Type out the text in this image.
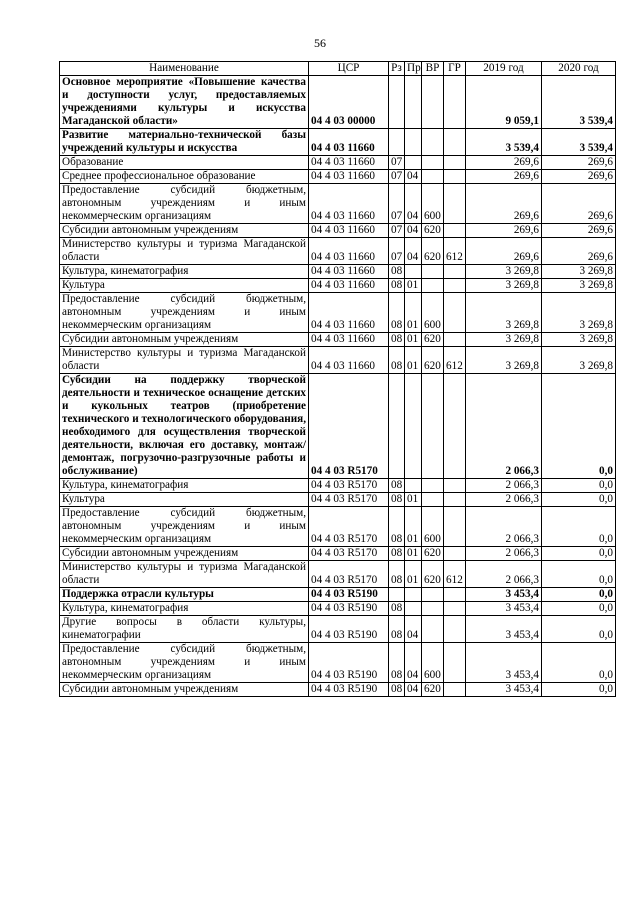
56
Наименование	ЦСР	Рз	Пр	ВР	ГР	2019 год	2020 год
Основное мероприятие «Повышение качества и доступности услуг, предоставляемых учреждениями культуры и искусства Магаданской области»	04 4 03 00000					9 059,1	3 539,4
Развитие материально-технической базы учреждений культуры и искусства	04 4 03 11660					3 539,4	3 539,4
Образование	04 4 03 11660	07				269,6	269,6
Среднее профессиональное образование	04 4 03 11660	07	04			269,6	269,6
Предоставление субсидий бюджетным, автономным учреждениям и иным некоммерческим организациям	04 4 03 11660	07	04	600		269,6	269,6
Субсидии автономным учреждениям	04 4 03 11660	07	04	620		269,6	269,6
Министерство культуры и туризма Магаданской области	04 4 03 11660	07	04	620	612	269,6	269,6
Культура, кинематография	04 4 03 11660	08				3 269,8	3 269,8
Культура	04 4 03 11660	08	01			3 269,8	3 269,8
Предоставление субсидий бюджетным, автономным учреждениям и иным некоммерческим организациям	04 4 03 11660	08	01	600		3 269,8	3 269,8
Субсидии автономным учреждениям	04 4 03 11660	08	01	620		3 269,8	3 269,8
Министерство культуры и туризма Магаданской области	04 4 03 11660	08	01	620	612	3 269,8	3 269,8
Субсидии на поддержку творческой деятельности и техническое оснащение детских и кукольных театров (приобретение технического и технологического оборудования, необходимого для осуществления творческой деятельности, включая его доставку, монтаж/демонтаж, погрузочно-разгрузочные работы и обслуживание)	04 4 03 R5170					2 066,3	0,0
Культура, кинематография	04 4 03 R5170	08				2 066,3	0,0
Культура	04 4 03 R5170	08	01			2 066,3	0,0
Предоставление субсидий бюджетным, автономным учреждениям и иным некоммерческим организациям	04 4 03 R5170	08	01	600		2 066,3	0,0
Субсидии автономным учреждениям	04 4 03 R5170	08	01	620		2 066,3	0,0
Министерство культуры и туризма Магаданской области	04 4 03 R5170	08	01	620	612	2 066,3	0,0
Поддержка отрасли культуры	04 4 03 R5190					3 453,4	0,0
Культура, кинематография	04 4 03 R5190	08				3 453,4	0,0
Другие вопросы в области культуры, кинематографии	04 4 03 R5190	08	04			3 453,4	0,0
Предоставление субсидий бюджетным, автономным учреждениям и иным некоммерческим организациям	04 4 03 R5190	08	04	600		3 453,4	0,0
Субсидии автономным учреждениям	04 4 03 R5190	08	04	620		3 453,4	0,0
